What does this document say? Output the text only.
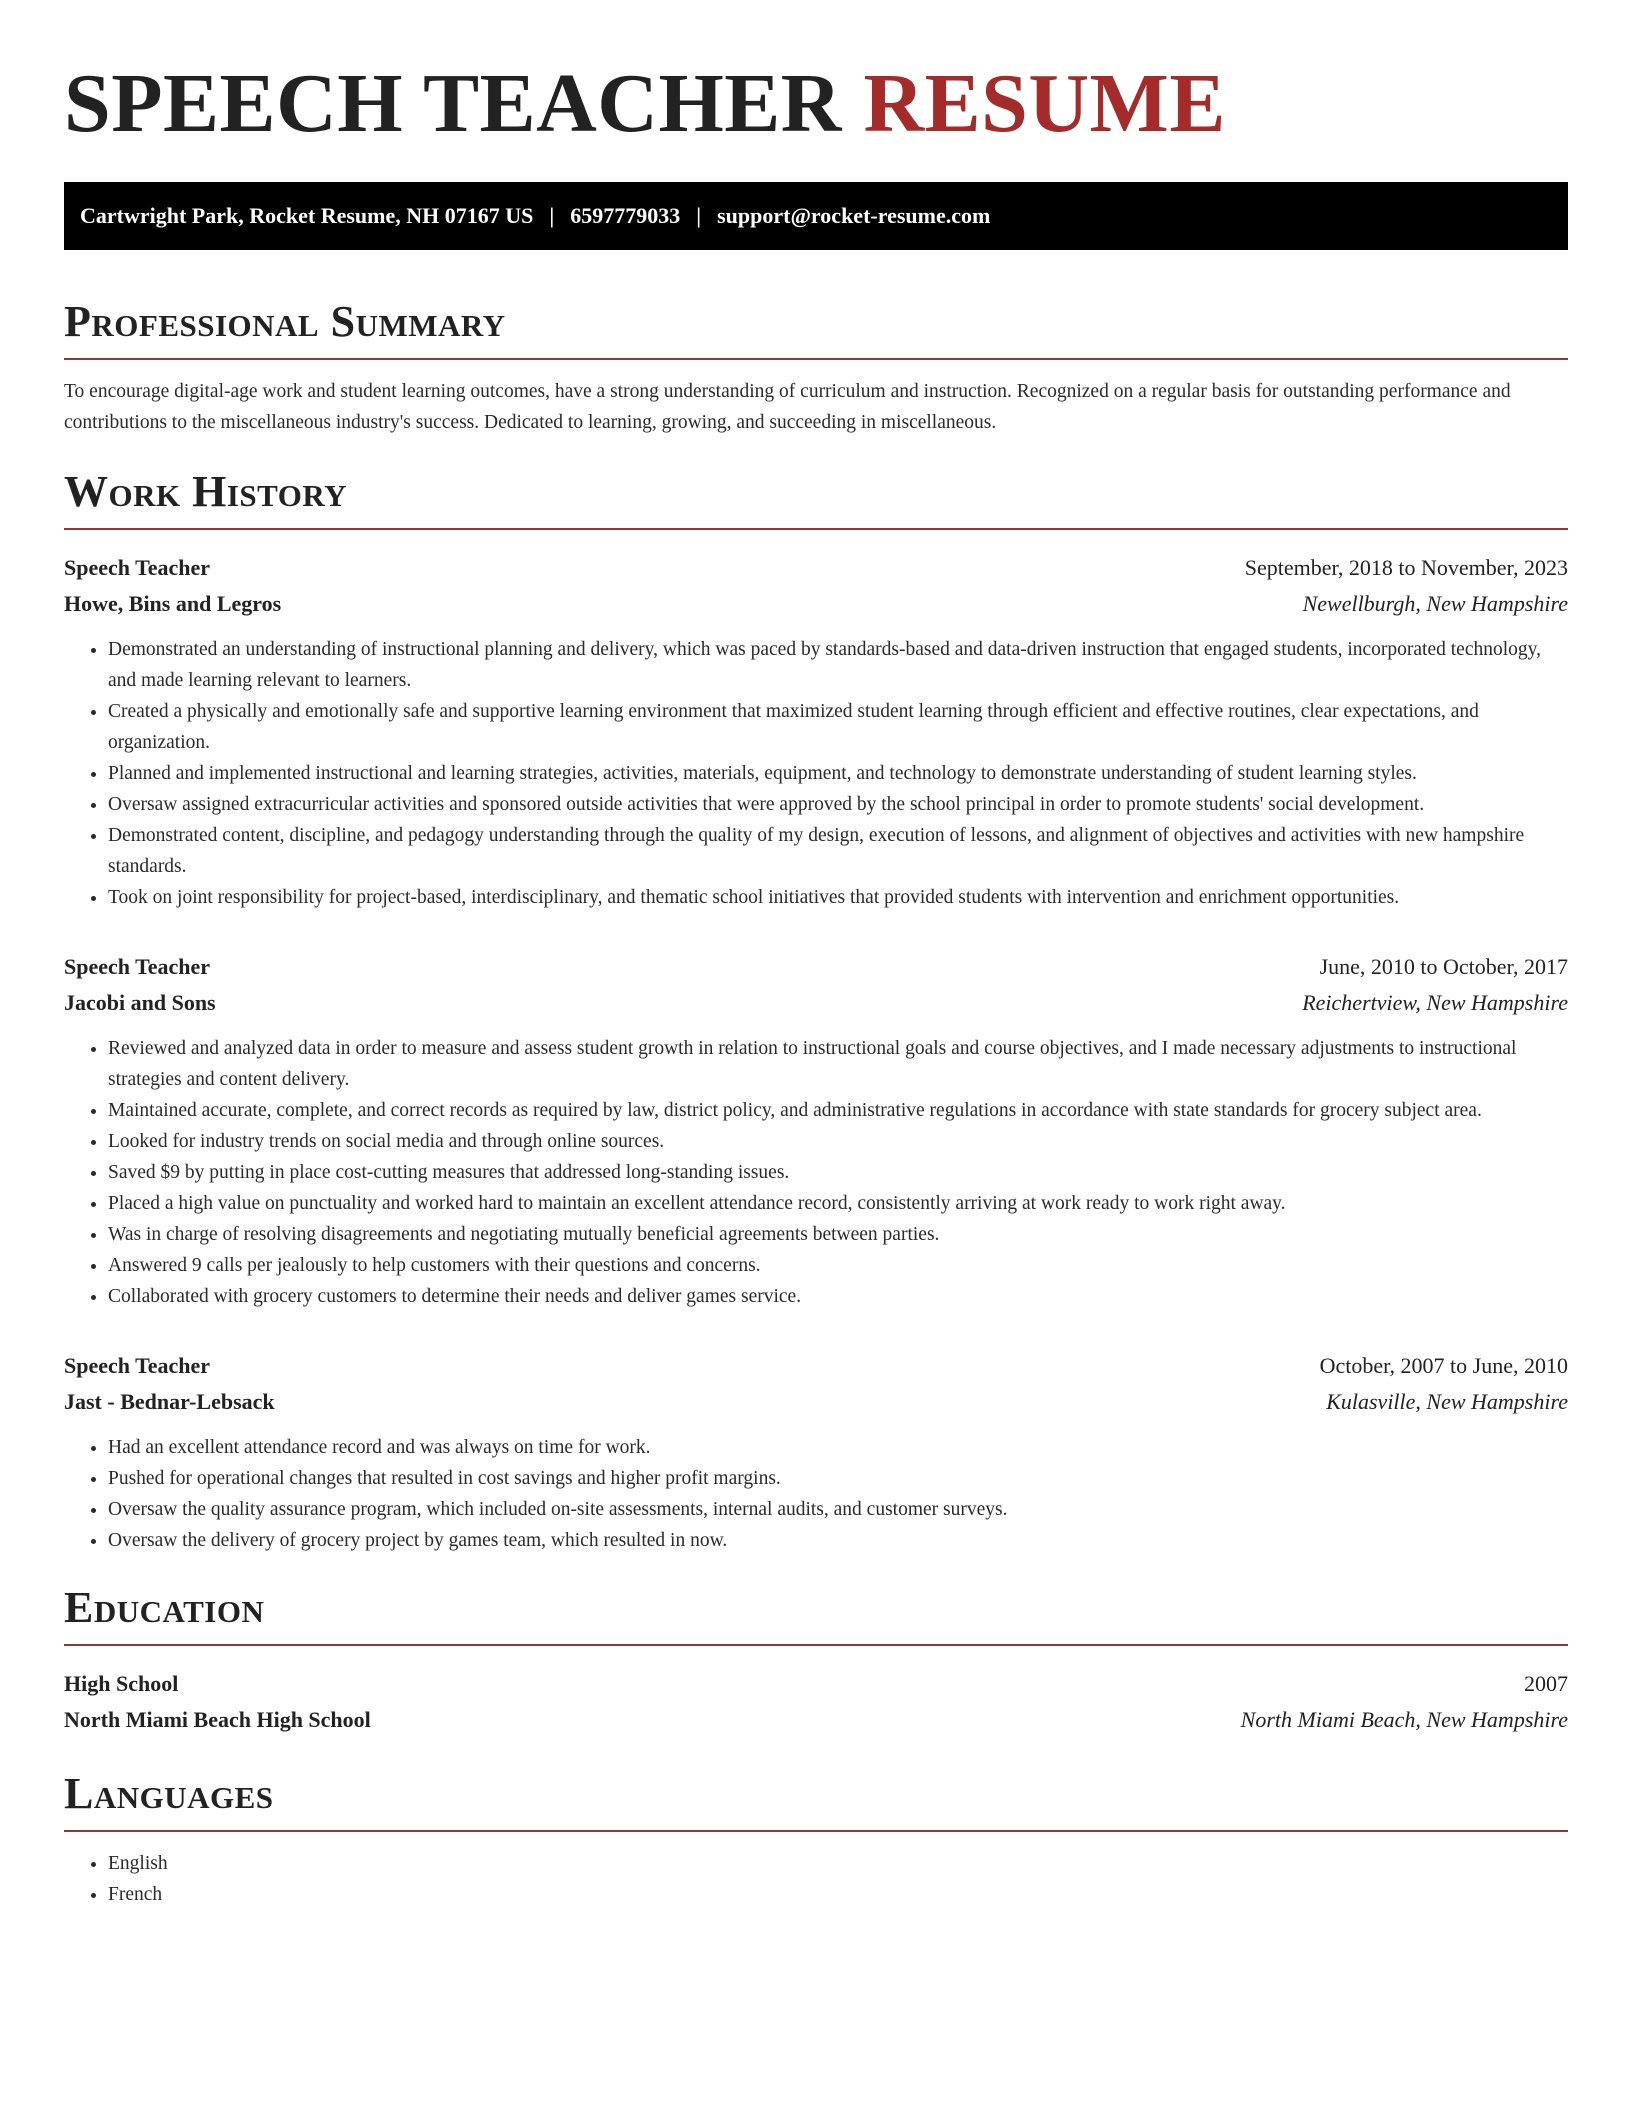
SPEECH TEACHER RESUME
Cartwright Park, Rocket Resume, NH 07167 US | 6597779033 | support@rocket-resume.com
Professional Summary

To encourage digital-age work and student learning outcomes, have a strong understanding of curriculum and instruction. Recognized on a regular basis for outstanding performance and contributions to the miscellaneous industry's success. Dedicated to learning, growing, and succeeding in miscellaneous.

Work History
Speech Teacher	September, 2018 to November, 2023
Howe, Bins and Legros	Newellburgh, New Hampshire
• Demonstrated an understanding of instructional planning and delivery, which was paced by standards-based and data-driven instruction that engaged students, incorporated technology, and made learning relevant to learners.
• Created a physically and emotionally safe and supportive learning environment that maximized student learning through efficient and effective routines, clear expectations, and organization.
• Planned and implemented instructional and learning strategies, activities, materials, equipment, and technology to demonstrate understanding of student learning styles.
• Oversaw assigned extracurricular activities and sponsored outside activities that were approved by the school principal in order to promote students' social development.
• Demonstrated content, discipline, and pedagogy understanding through the quality of my design, execution of lessons, and alignment of objectives and activities with new hampshire standards.
• Took on joint responsibility for project-based, interdisciplinary, and thematic school initiatives that provided students with intervention and enrichment opportunities.
Speech Teacher	June, 2010 to October, 2017
Jacobi and Sons	Reichertview, New Hampshire
• Reviewed and analyzed data in order to measure and assess student growth in relation to instructional goals and course objectives, and I made necessary adjustments to instructional strategies and content delivery.
• Maintained accurate, complete, and correct records as required by law, district policy, and administrative regulations in accordance with state standards for grocery subject area.
• Looked for industry trends on social media and through online sources.
• Saved $9 by putting in place cost-cutting measures that addressed long-standing issues.
• Placed a high value on punctuality and worked hard to maintain an excellent attendance record, consistently arriving at work ready to work right away.
• Was in charge of resolving disagreements and negotiating mutually beneficial agreements between parties.
• Answered 9 calls per jealously to help customers with their questions and concerns.
• Collaborated with grocery customers to determine their needs and deliver games service.
Speech Teacher	October, 2007 to June, 2010
Jast - Bednar-Lebsack	Kulasville, New Hampshire
• Had an excellent attendance record and was always on time for work.
• Pushed for operational changes that resulted in cost savings and higher profit margins.
• Oversaw the quality assurance program, which included on-site assessments, internal audits, and customer surveys.
• Oversaw the delivery of grocery project by games team, which resulted in now.
Education
High School	2007
North Miami Beach High School	North Miami Beach, New Hampshire
Languages
• English
• French
